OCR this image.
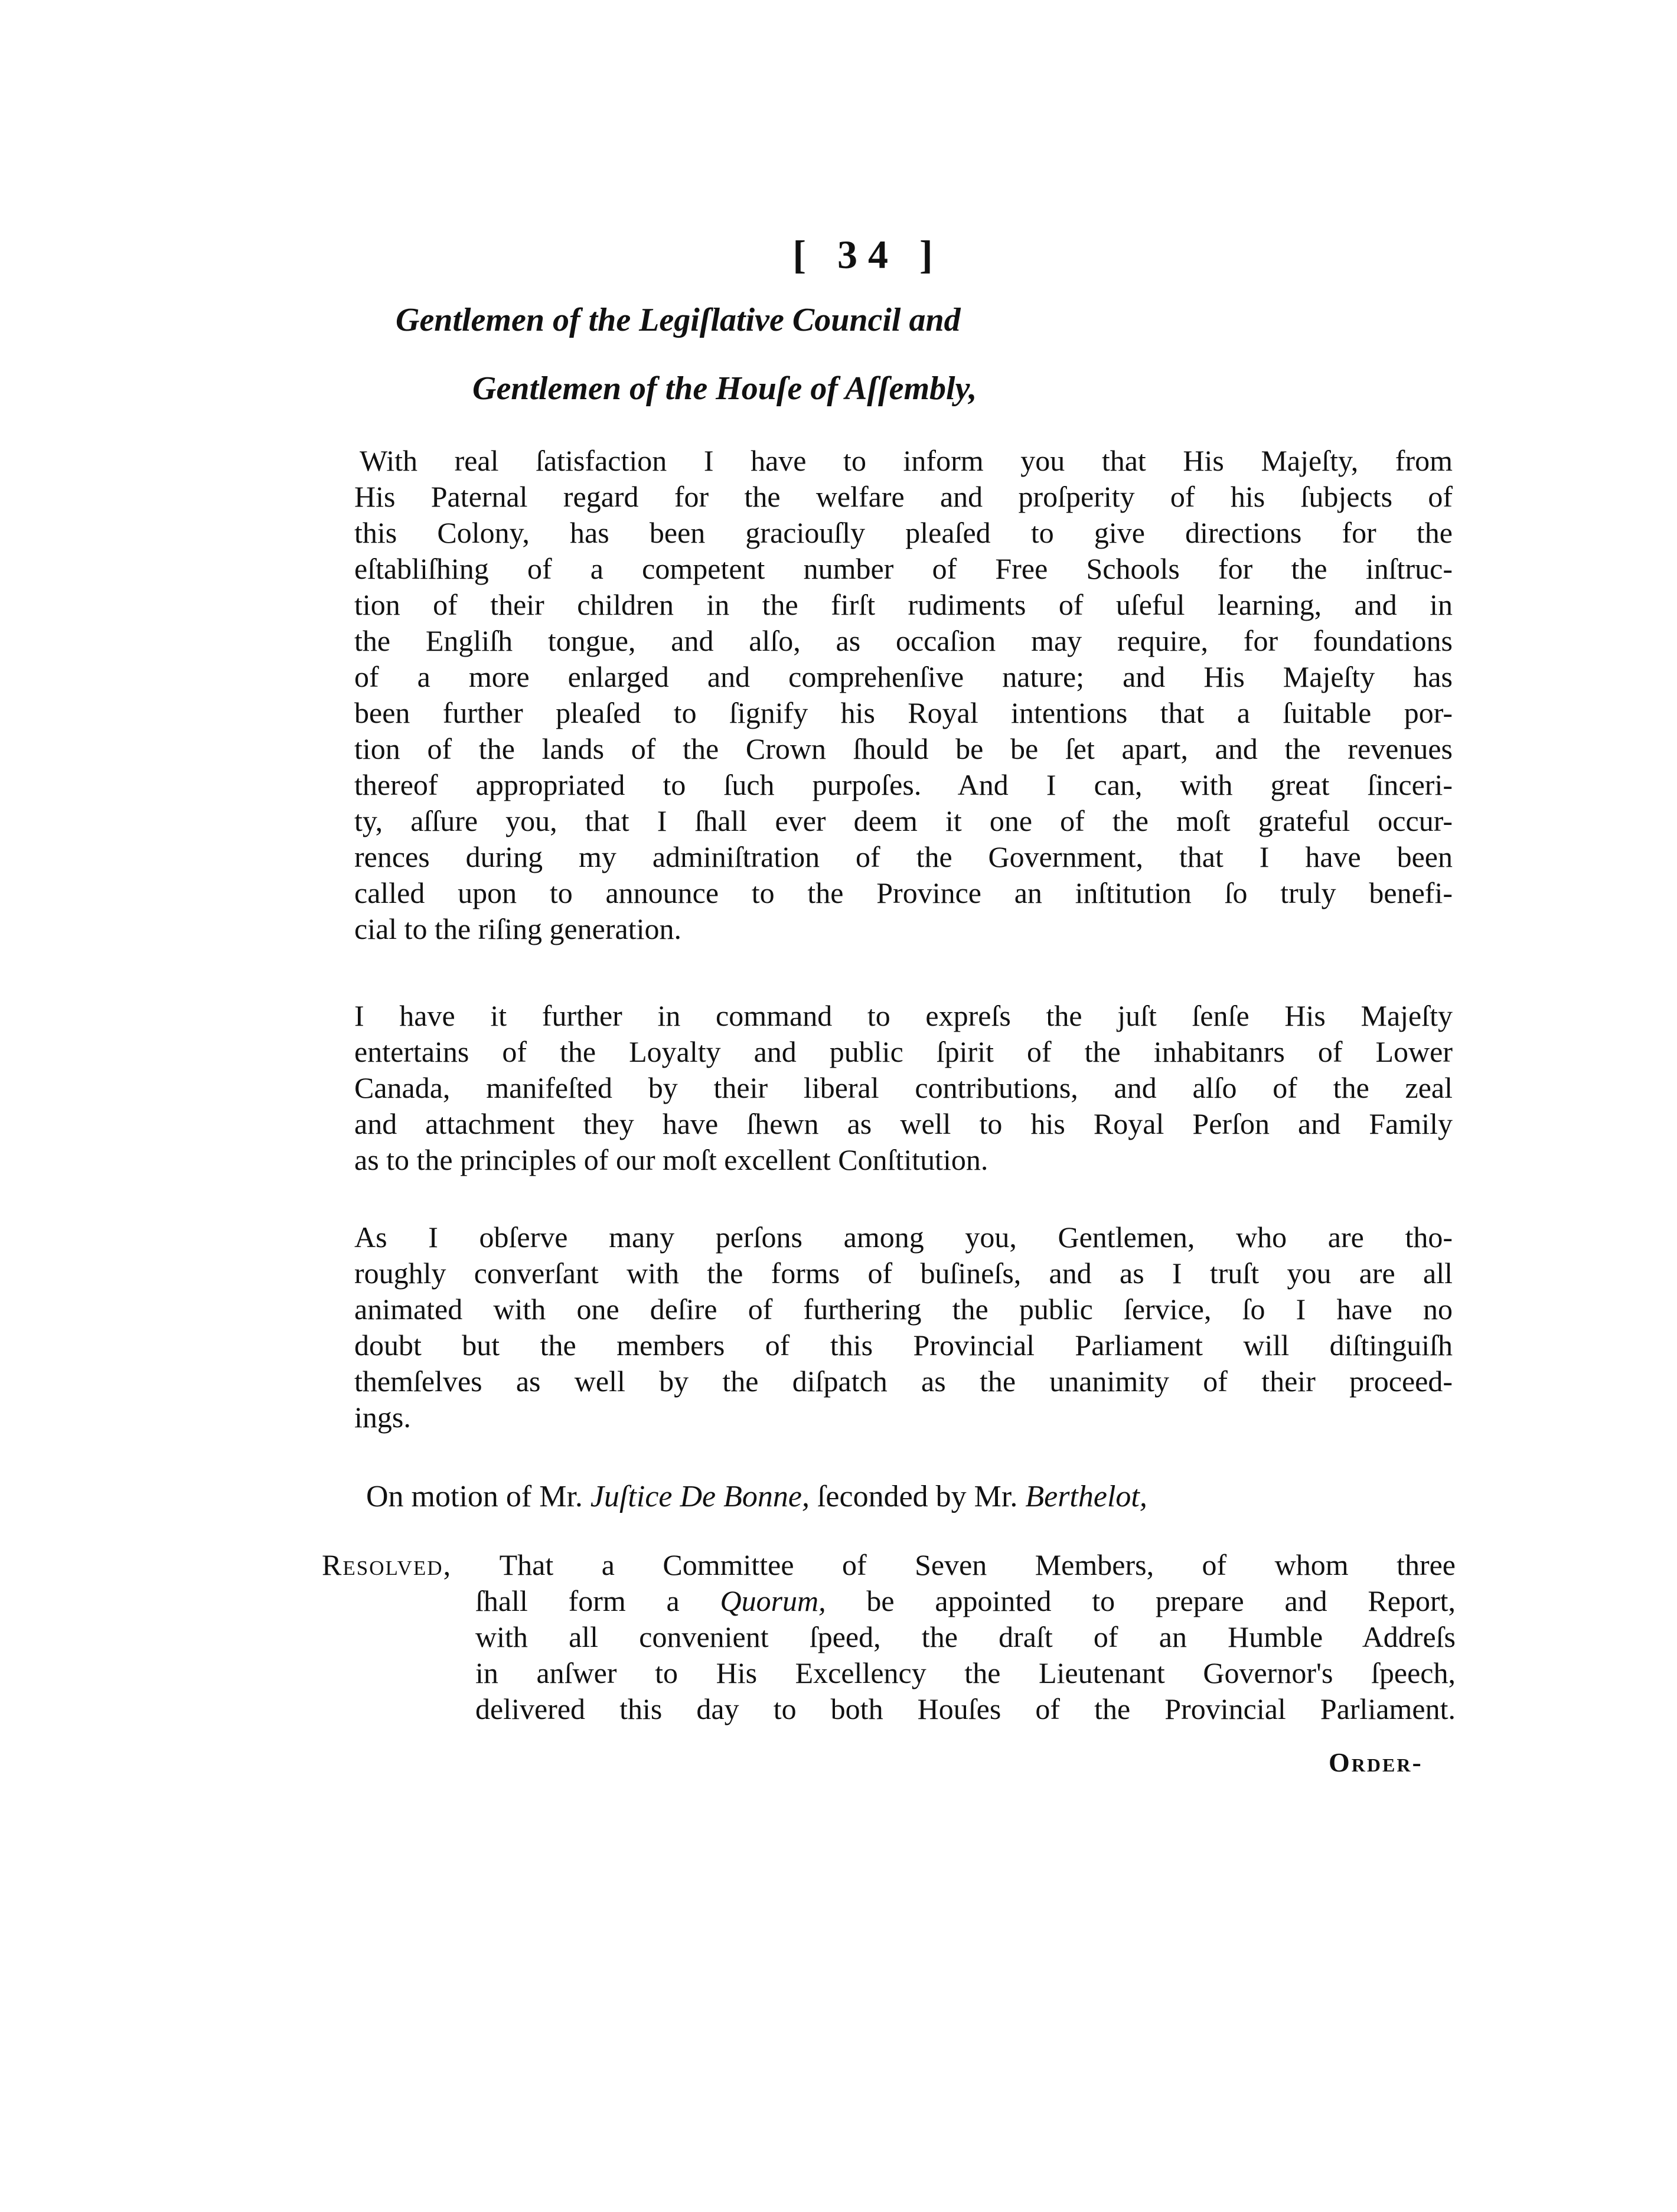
[ 34 ]
Gentlemen of the Legiſlative Council and
Gentlemen of the Houſe of Aſſembly,
With real ſatisfaction I have to inform you that His Majeſty, from
His Paternal regard for the welfare and proſperity of his ſubjects of
this Colony, has been graciouſly pleaſed to give directions for the
eſtabliſhing of a competent number of Free Schools for the inſtruc-
tion of their children in the firſt rudiments of uſeful learning, and in
the Engliſh tongue, and alſo, as occaſion may require, for foundations
of a more enlarged and comprehenſive nature; and His Majeſty has
been further pleaſed to ſignify his Royal intentions that a ſuitable por-
tion of the lands of the Crown ſhould be be ſet apart, and the revenues
thereof appropriated to ſuch purpoſes. And I can, with great ſinceri-
ty, aſſure you, that I ſhall ever deem it one of the moſt grateful occur-
rences during my adminiſtration of the Government, that I have been
called upon to announce to the Province an inſtitution ſo truly benefi-
cial to the riſing generation.
I have it further in command to expreſs the juſt ſenſe His Majeſty
entertains of the Loyalty and public ſpirit of the inhabitanrs of Lower
Canada, manifeſted by their liberal contributions, and alſo of the zeal
and attachment they have ſhewn as well to his Royal Perſon and Family
as to the principles of our moſt excellent Conſtitution.
As I obſerve many perſons among you, Gentlemen, who are tho-
roughly converſant with the forms of buſineſs, and as I truſt you are all
animated with one deſire of furthering the public ſervice, ſo I have no
doubt but the members of this Provincial Parliament will diſtinguiſh
themſelves as well by the diſpatch as the unanimity of their proceed-
ings.
On motion of Mr. Juſtice De Bonne, ſeconded by Mr. Berthelot,
Resolved, That a Committee of Seven Members, of whom three
ſhall form a Quorum, be appointed to prepare and Report,
with all convenient ſpeed, the draſt of an Humble Addreſs
in anſwer to His Excellency the Lieutenant Governor's ſpeech,
delivered this day to both Houſes of the Provincial Parliament.
Order-
